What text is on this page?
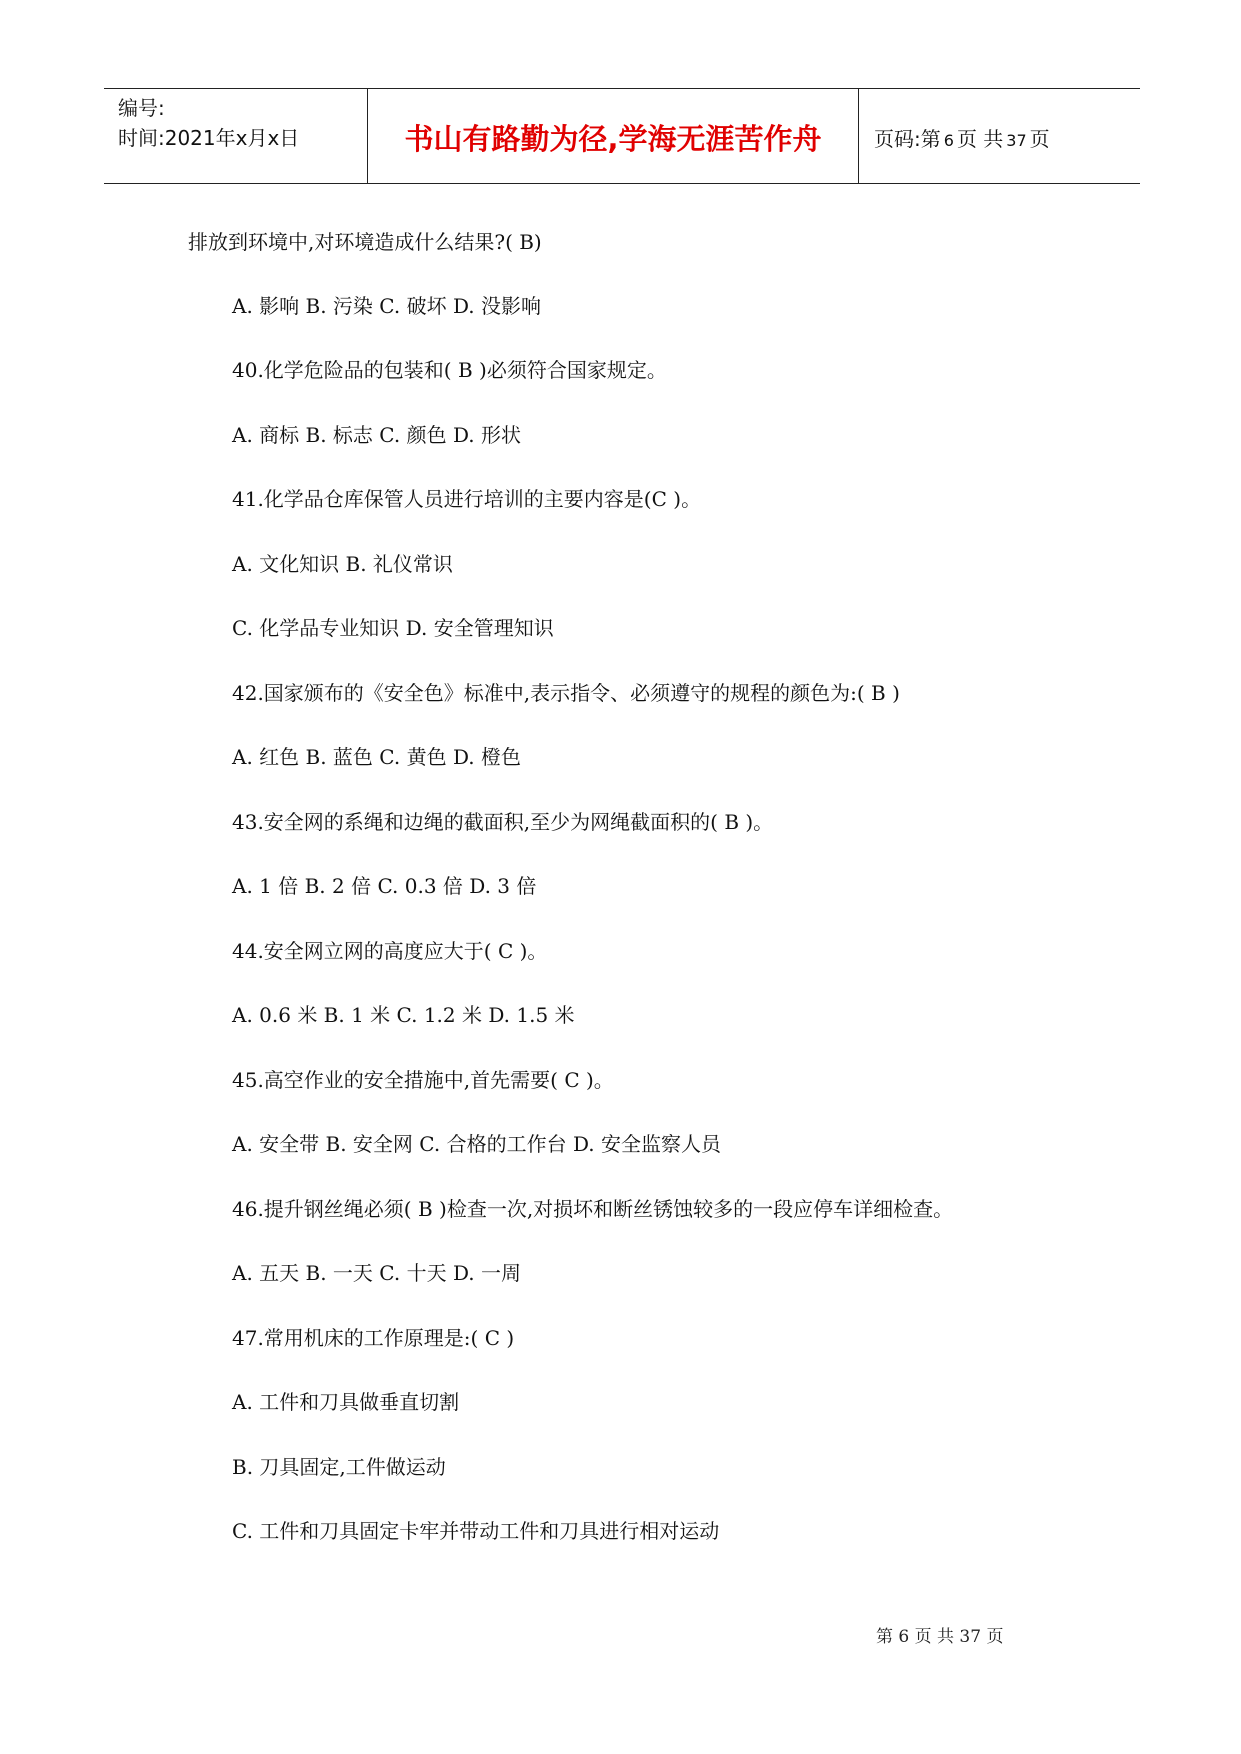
编号:
时间:2021年x月x日	书山有路勤为径,学海无涯苦作舟	页码:第 6 页 共 37 页
排放到环境中,对环境造成什么结果?( B)
A. 影响 B. 污染 C. 破坏 D. 没影响
40.化学危险品的包装和( B )必须符合国家规定。
A. 商标 B. 标志 C. 颜色 D. 形状
41.化学品仓库保管人员进行培训的主要内容是(C )。
A. 文化知识 B. 礼仪常识
C. 化学品专业知识 D. 安全管理知识
42.国家颁布的《安全色》标准中,表示指令、必须遵守的规程的颜色为:( B )
A. 红色 B. 蓝色 C. 黄色 D. 橙色
43.安全网的系绳和边绳的截面积,至少为网绳截面积的( B )。
A. 1 倍 B. 2 倍 C. 0.3 倍 D. 3 倍
44.安全网立网的高度应大于( C )。
A. 0.6 米 B. 1 米 C. 1.2 米 D. 1.5 米
45.高空作业的安全措施中,首先需要( C )。
A. 安全带 B. 安全网 C. 合格的工作台 D. 安全监察人员
46.提升钢丝绳必须( B )检查一次,对损坏和断丝锈蚀较多的一段应停车详细检查。
A. 五天 B. 一天 C. 十天 D. 一周
47.常用机床的工作原理是:( C )
A. 工件和刀具做垂直切割
B. 刀具固定,工件做运动
C. 工件和刀具固定卡牢并带动工件和刀具进行相对运动
第 6 页 共 37 页
